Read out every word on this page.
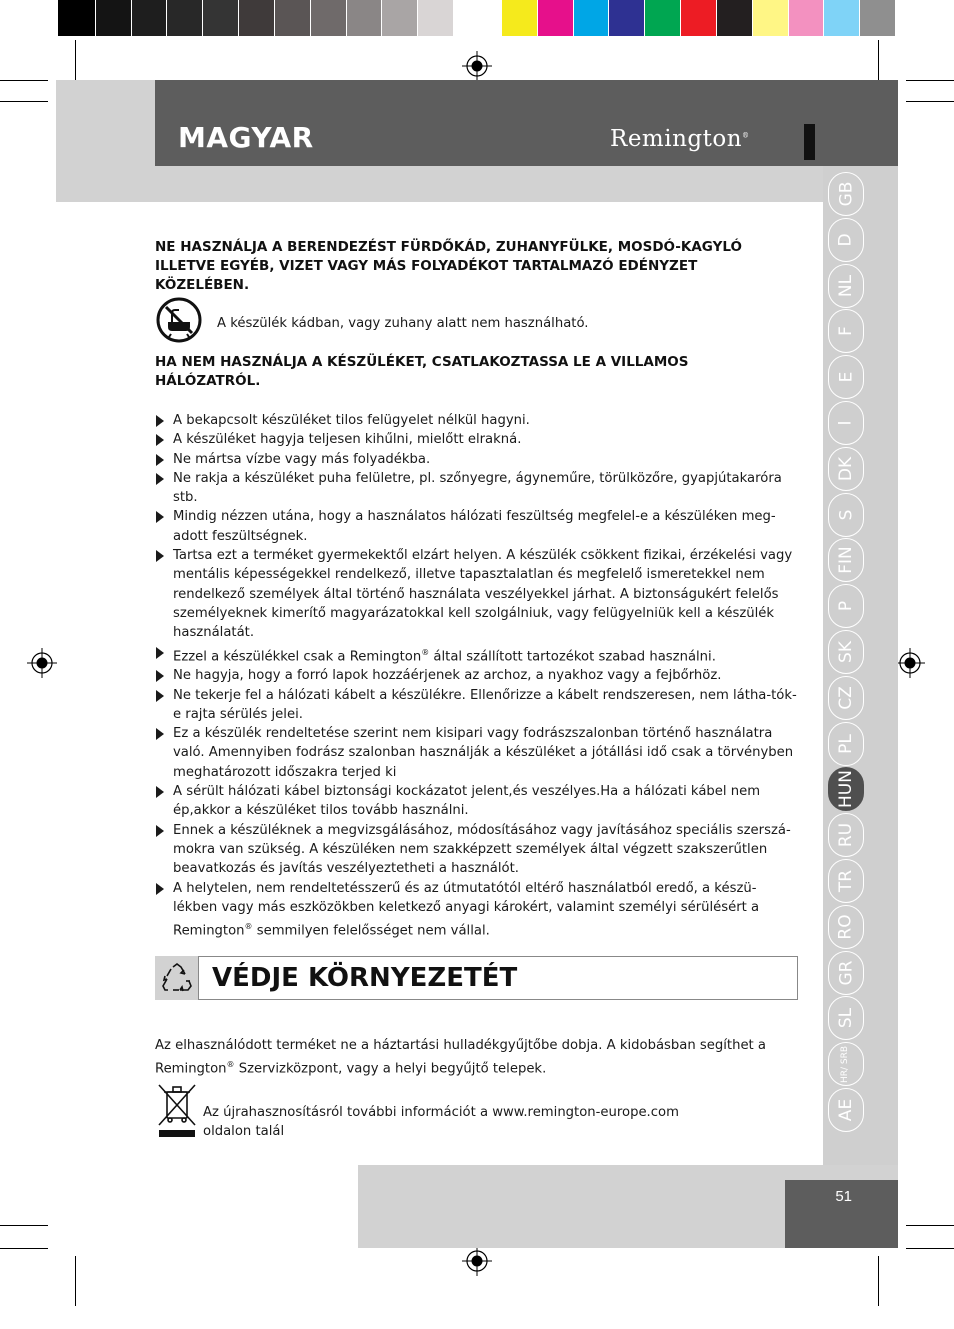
MAGYAR	Remington®
GB
D
NL
F
E
I
DK
S
FIN
P
SK
CZ
PL
HUN
RU
TR
RO
GR
SL
HR/ SRB
AE
NE HASZNÁLJA A BERENDEZÉST FÜRDŐKÁD, ZUHANYFÜLKE, MOSDÓ-KAGYLÓ ILLETVE EGYÉB, VIZET VAGY MÁS FOLYADÉKOT TARTALMAZÓ EDÉNYZET KÖZELÉBEN.
A készülék kádban, vagy zuhany alatt nem használható.
HA NEM HASZNÁLJA A KÉSZÜLÉKET, CSATLAKOZTASSA LE A VILLAMOS HÁLÓZATRÓL.
A bekapcsolt készüléket tilos felügyelet nélkül hagyni.
A készüléket hagyja teljesen kihűlni, mielőtt elrakná.
Ne mártsa vízbe vagy más folyadékba.
Ne rakja a készüléket puha felületre, pl. szőnyegre, ágyneműre, törülközőre, gyapjútakaróra stb.
Mindig nézzen utána, hogy a használatos hálózati feszültség megfelel-e a készüléken meg-adott feszültségnek.
Tartsa ezt a terméket gyermekektől elzárt helyen. A készülék csökkent fizikai, érzékelési vagy mentális képességekkel rendelkező, illetve tapasztalatlan és megfelelő ismeretekkel nem rendelkező személyek által történő használata veszélyekkel járhat. A biztonságukért felelős személyeknek kimerítő magyarázatokkal kell szolgálniuk, vagy felügyelniük kell a készülék használatát.
Ezzel a készülékkel csak a Remington® által szállított tartozékot szabad használni.
Ne hagyja, hogy a forró lapok hozzáérjenek az archoz, a nyakhoz vagy a fejbőrhöz.
Ne tekerje fel a hálózati kábelt a készülékre. Ellenőrizze a kábelt rendszeresen, nem látha-tók-e rajta sérülés jelei.
Ez a készülék rendeltetése szerint nem kisipari vagy fodrászszalonban történő használatra való. Amennyiben fodrász szalonban használják a készüléket a jótállási idő csak a törvényben meghatározott időszakra terjed ki
A sérült hálózati kábel biztonsági kockázatot jelent,és veszélyes.Ha a hálózati kábel nem ép,akkor a készüléket tilos tovább használni.
Ennek a készüléknek a megvizsgálásához, módosításához vagy javításához speciális szerszá-mokra van szükség. A készüléken nem szakképzett személyek által végzett szakszerűtlen beavatkozás és javítás veszélyeztetheti a használót.
A helytelen, nem rendeltetésszerű és az útmutatótól eltérő használatból eredő, a készü-lékben vagy más eszközökben keletkező anyagi károkért, valamint személyi sérülésért a Remington® semmilyen felelősséget nem vállal.
VÉDJE KÖRNYEZETÉT
Az elhasználódott terméket ne a háztartási hulladékgyűjtőbe dobja. A kidobásban segíthet a Remington® Szervizközpont, vagy a helyi begyűjtő telepek.
Az újrahasznosításról további információt a www.remington-europe.com
oldalon talál
51
